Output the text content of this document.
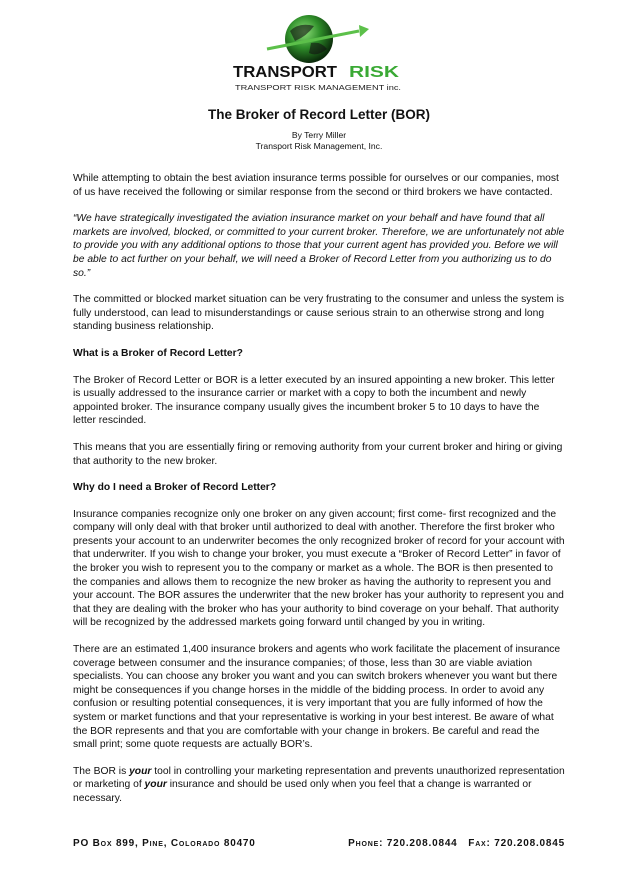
TRANSPORT RISK
TRANSPORT RISK MANAGEMENT inc.
The Broker of Record Letter (BOR)
By Terry Miller
Transport Risk Management, Inc.

While attempting to obtain the best aviation insurance terms possible for ourselves or our companies, most of us have received the following or similar response from the second or third brokers we have contacted.

“We have strategically investigated the aviation insurance market on your behalf and have found that all markets are involved, blocked, or committed to your current broker. Therefore, we are unfortunately not able to provide you with any additional options to those that your current agent has provided you. Before we will be able to act further on your behalf, we will need a Broker of Record Letter from you authorizing us to do so.”

The committed or blocked market situation can be very frustrating to the consumer and unless the system is fully understood, can lead to misunderstandings or cause serious strain to an otherwise strong and long standing business relationship.

What is a Broker of Record Letter?

The Broker of Record Letter or BOR is a letter executed by an insured appointing a new broker. This letter is usually addressed to the insurance carrier or market with a copy to both the incumbent and newly appointed broker. The insurance company usually gives the incumbent broker 5 to 10 days to have the letter rescinded.

This means that you are essentially firing or removing authority from your current broker and hiring or giving that authority to the new broker.

Why do I need a Broker of Record Letter?

Insurance companies recognize only one broker on any given account; first come- first recognized and the company will only deal with that broker until authorized to deal with another. Therefore the first broker who presents your account to an underwriter becomes the only recognized broker of record for your account with that underwriter. If you wish to change your broker, you must execute a “Broker of Record Letter” in favor of the broker you wish to represent you to the company or market as a whole. The BOR is then presented to the companies and allows them to recognize the new broker as having the authority to represent you and your account. The BOR assures the underwriter that the new broker has your authority to represent you and that they are dealing with the broker who has your authority to bind coverage on your behalf. That authority will be recognized by the addressed markets going forward until changed by you in writing.

There are an estimated 1,400 insurance brokers and agents who work facilitate the placement of insurance coverage between consumer and the insurance companies; of those, less than 30 are viable aviation specialists. You can choose any broker you want and you can switch brokers whenever you want but there might be consequences if you change horses in the middle of the bidding process. In order to avoid any confusion or resulting potential consequences, it is very important that you are fully informed of how the system or market functions and that your representative is working in your best interest. Be aware of what the BOR represents and that you are comfortable with your change in brokers. Be careful and read the small print; some quote requests are actually BOR’s.

The BOR is your tool in controlling your marketing representation and prevents unauthorized representation or marketing of your insurance and should be used only when you feel that a change is warranted or necessary.

PO Box 899, Pine, Colorado 80470	Phone: 720.208.0844   Fax: 720.208.0845
